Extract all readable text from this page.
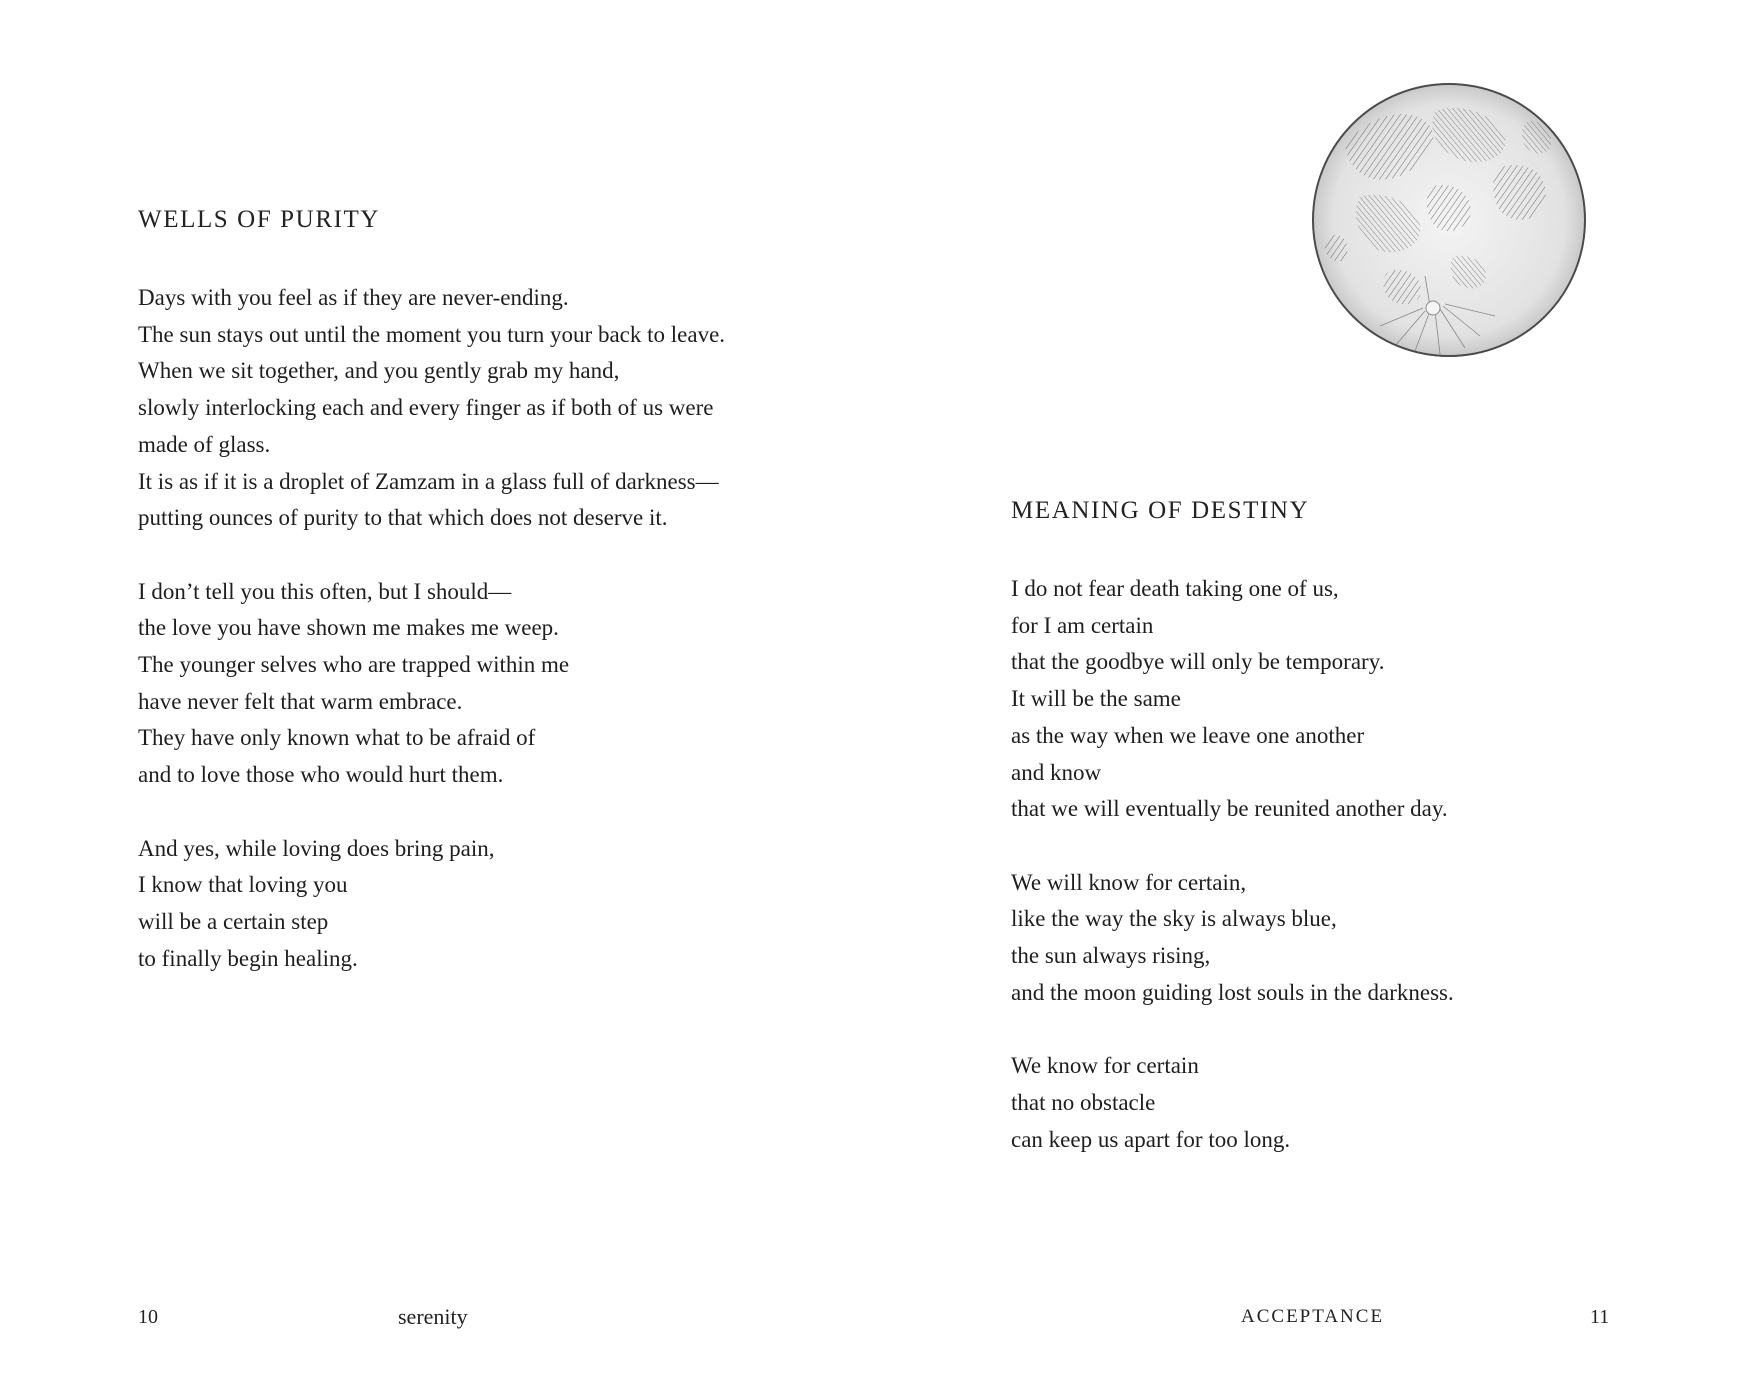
WELLS OF PURITY
Days with you feel as if they are never-ending.
The sun stays out until the moment you turn your back to leave.
When we sit together, and you gently grab my hand,
slowly interlocking each and every finger as if both of us were
made of glass.
It is as if it is a droplet of Zamzam in a glass full of darkness—
putting ounces of purity to that which does not deserve it.
I don’t tell you this often, but I should—
the love you have shown me makes me weep.
The younger selves who are trapped within me
have never felt that warm embrace.
They have only known what to be afraid of
and to love those who would hurt them.
And yes, while loving does bring pain,
I know that loving you
will be a certain step
to finally begin healing.
10	serenity
MEANING OF DESTINY
I do not fear death taking one of us,
for I am certain
that the goodbye will only be temporary.
It will be the same
as the way when we leave one another
and know
that we will eventually be reunited another day.
We will know for certain,
like the way the sky is always blue,
the sun always rising,
and the moon guiding lost souls in the darkness.
We know for certain
that no obstacle
can keep us apart for too long.
ACCEPTANCE	11
